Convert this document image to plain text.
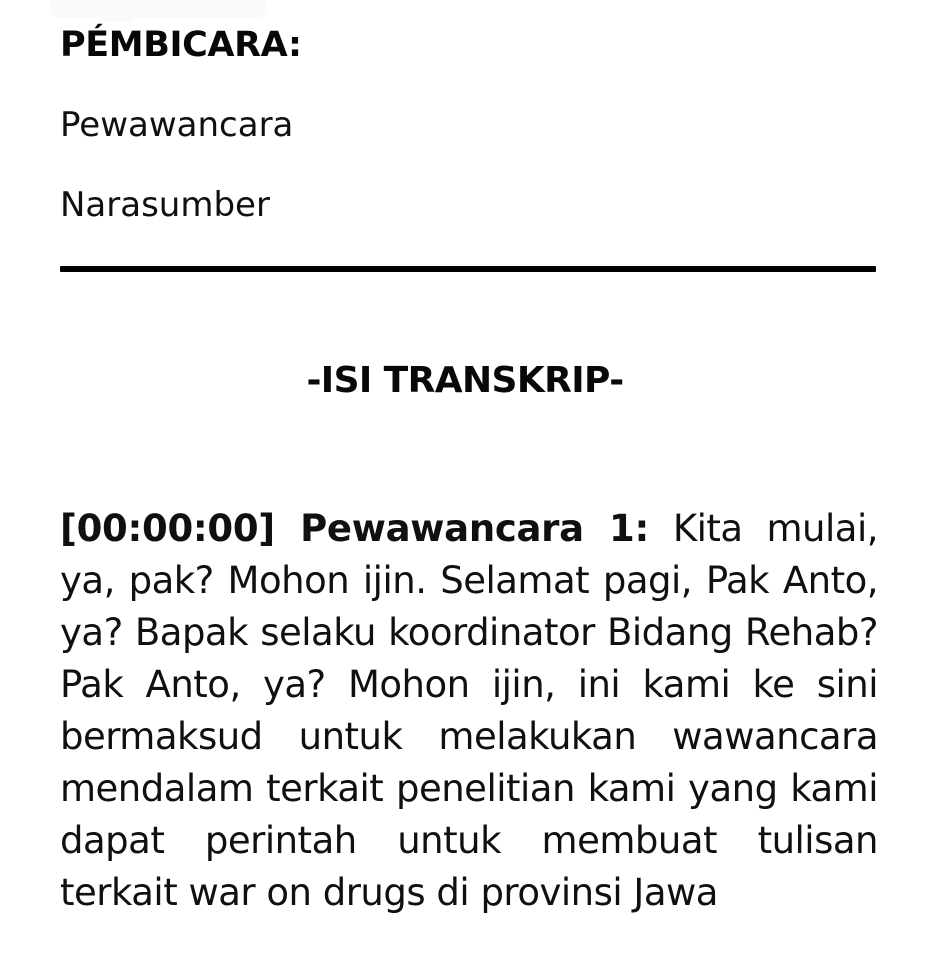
PÉMBICARA:
Pewawancara
Narasumber
-ISI TRANSKRIP-

[00:00:00] Pewawancara 1: Kita mulai, ya, pak? Mohon ijin. Selamat pagi, Pak Anto, ya? Bapak selaku koordinator Bidang Rehab? Pak Anto, ya? Mohon ijin, ini kami ke sini bermaksud untuk melakukan wawancara mendalam terkait penelitian kami yang kami dapat perintah untuk membuat tulisan terkait war on drugs di provinsi Jawa
